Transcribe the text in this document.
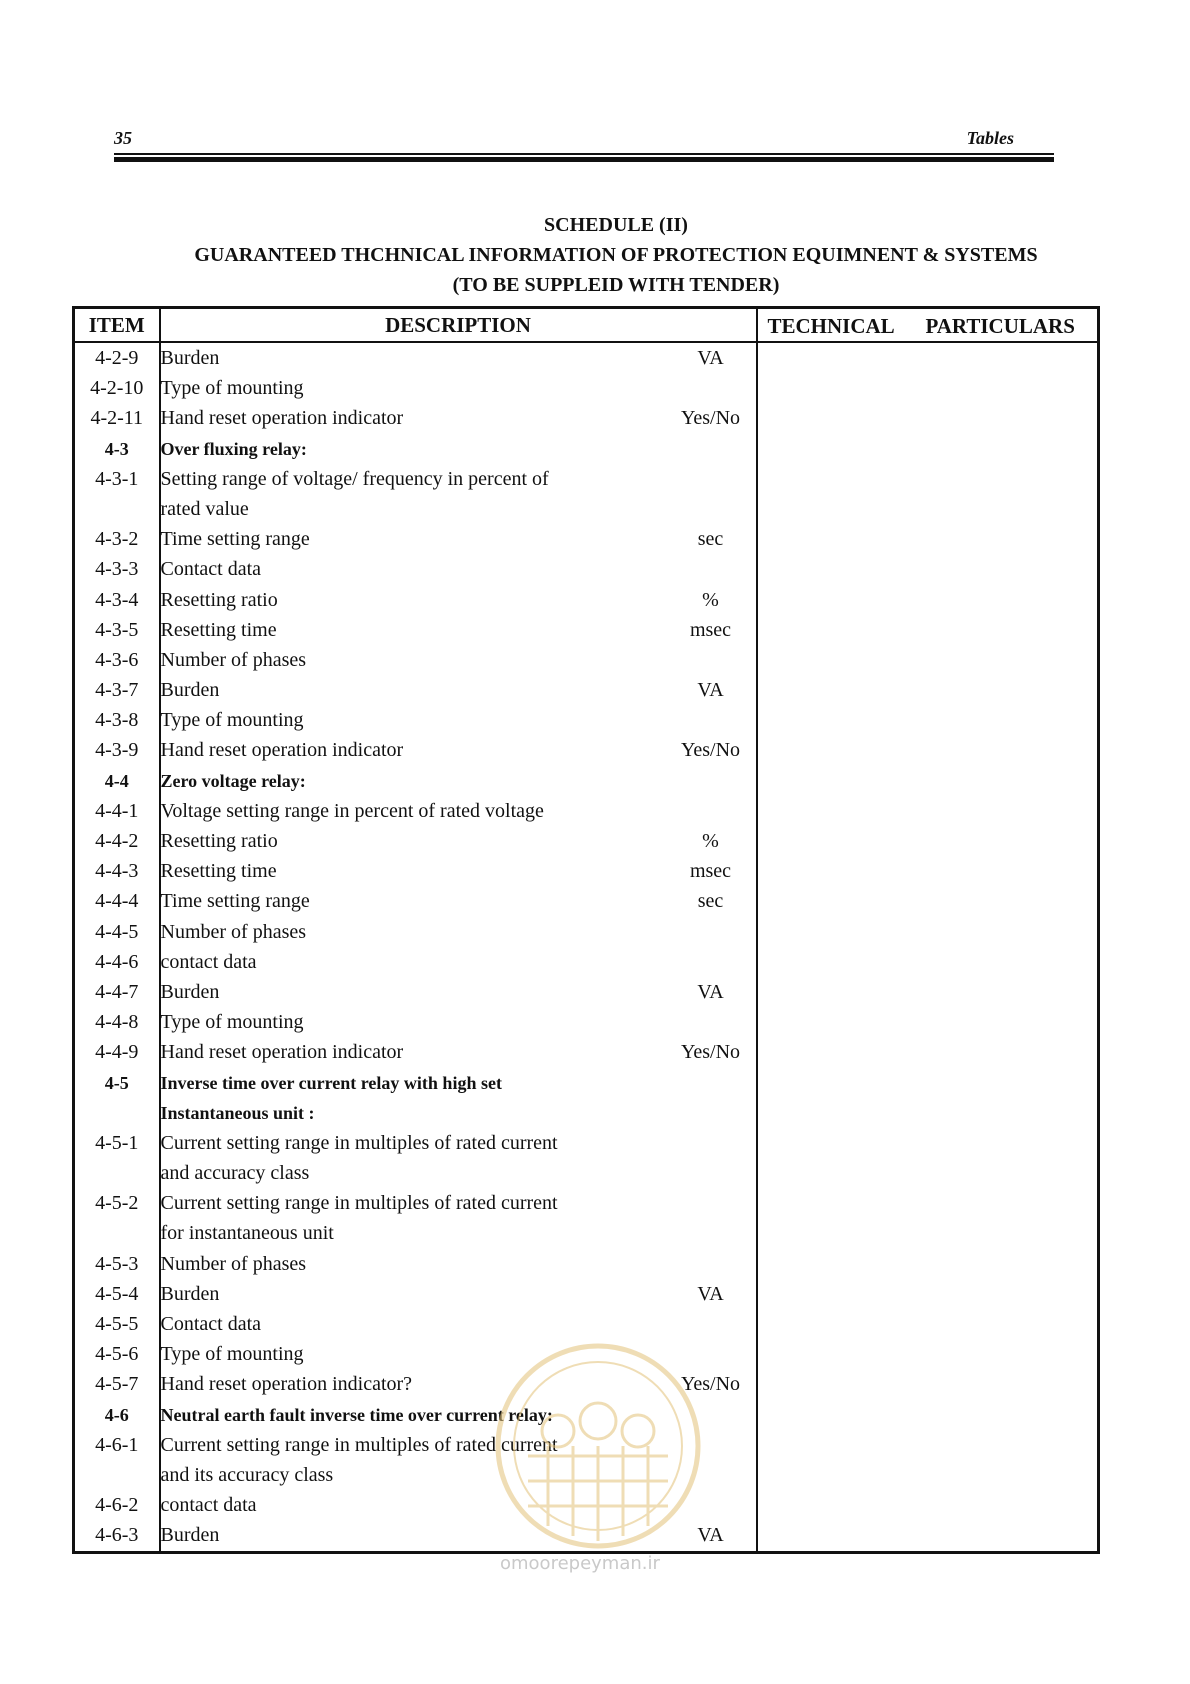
35	Tables
SCHEDULE (II)
GUARANTEED THCHNICAL INFORMATION OF PROTECTION EQUIMNENT & SYSTEMS
(TO BE SUPPLEID WITH TENDER)
ITEM	DESCRIPTION	TECHNICAL PARTICULARS

4-2-9	Burden VA	

4-2-10	Type of mounting	
4-2-11	Hand reset operation indicator Yes/No	

4-3	Over fluxing relay:	
4-3-1	Setting range of voltage/ frequency in percent of	
	rated value	
4-3-2	Time setting range sec	

4-3-3	Contact data	
4-3-4	Resetting ratio %	

4-3-5	Resetting time msec	

4-3-6	Number of phases	
4-3-7	Burden VA	

4-3-8	Type of mounting	
4-3-9	Hand reset operation indicator Yes/No	

4-4	Zero voltage relay:	
4-4-1	Voltage setting range in percent of rated voltage	
4-4-2	Resetting ratio %	

4-4-3	Resetting time msec	

4-4-4	Time setting range sec	

4-4-5	Number of phases	
4-4-6	contact data	
4-4-7	Burden VA	

4-4-8	Type of mounting	
4-4-9	Hand reset operation indicator Yes/No	

4-5	Inverse time over current relay with high set	
	Instantaneous unit :	
4-5-1	Current setting range in multiples of rated current	
	and accuracy class	
4-5-2	Current setting range in multiples of rated current	
	for instantaneous unit	
4-5-3	Number of phases	
4-5-4	Burden VA	

4-5-5	Contact data	
4-5-6	Type of mounting	
4-5-7	Hand reset operation indicator? Yes/No	

4-6	Neutral earth fault inverse time over current relay:	
4-6-1	Current setting range in multiples of rated current	
	and its accuracy class	
4-6-2	contact data	
4-6-3	Burden VA	

omoorepeyman.ir
